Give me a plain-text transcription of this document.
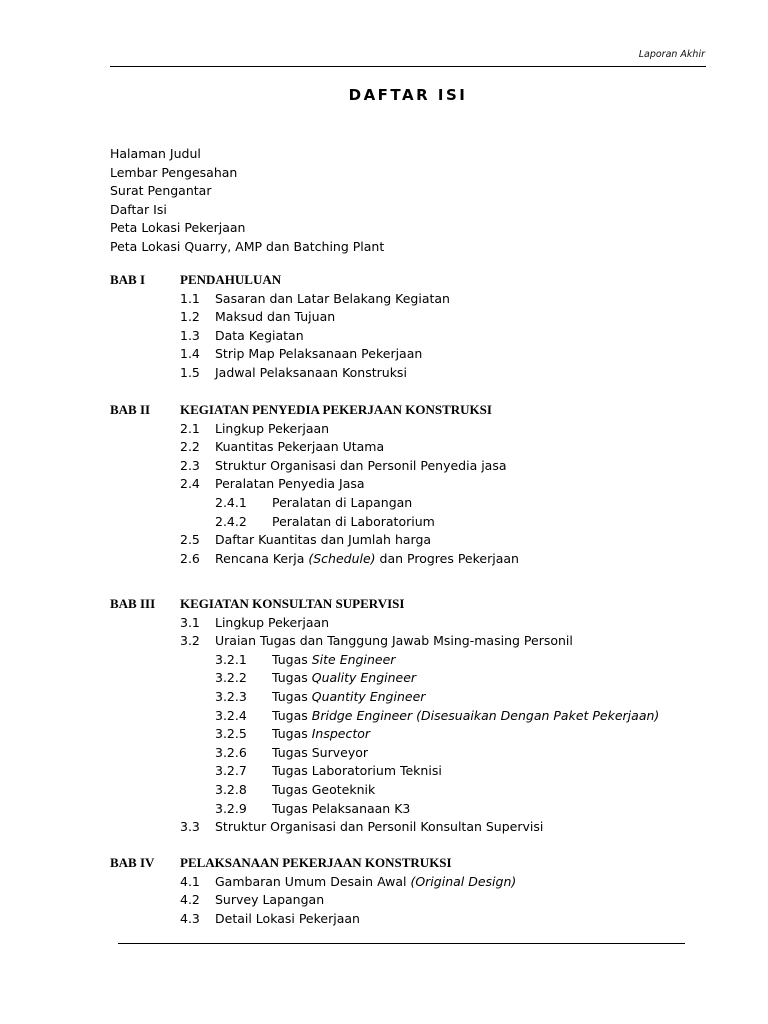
Laporan Akhir
DAFTAR ISI
Halaman Judul
Lembar Pengesahan
Surat Pengantar
Daftar Isi
Peta Lokasi Pekerjaan
Peta Lokasi Quarry, AMP dan Batching Plant
BAB I	PENDAHULUAN
1.1 Sasaran dan Latar Belakang Kegiatan
1.2 Maksud dan Tujuan
1.3 Data Kegiatan
1.4 Strip Map Pelaksanaan Pekerjaan
1.5 Jadwal Pelaksanaan Konstruksi
BAB II KEGIATAN PENYEDIA PEKERJAAN KONSTRUKSI
2.1 Lingkup Pekerjaan
2.2 Kuantitas Pekerjaan Utama
2.3 Struktur Organisasi dan Personil Penyedia jasa
2.4 Peralatan Penyedia Jasa
2.4.1 Peralatan di Lapangan
2.4.2 Peralatan di Laboratorium
2.5 Daftar Kuantitas dan Jumlah harga
2.6 Rencana Kerja (Schedule) dan Progres Pekerjaan
BAB III KEGIATAN KONSULTAN SUPERVISI
3.1 Lingkup Pekerjaan
3.2 Uraian Tugas dan Tanggung Jawab Msing-masing Personil
3.2.1 Tugas Site Engineer
3.2.2 Tugas Quality Engineer
3.2.3 Tugas Quantity Engineer
3.2.4 Tugas Bridge Engineer (Disesuaikan Dengan Paket Pekerjaan)
3.2.5 Tugas Inspector
3.2.6 Tugas Surveyor
3.2.7 Tugas Laboratorium Teknisi
3.2.8 Tugas Geoteknik
3.2.9 Tugas Pelaksanaan K3
3.3 Struktur Organisasi dan Personil Konsultan Supervisi
BAB IV PELAKSANAAN PEKERJAAN KONSTRUKSI
4.1 Gambaran Umum Desain Awal (Original Design)
4.2 Survey Lapangan
4.3 Detail Lokasi Pekerjaan
